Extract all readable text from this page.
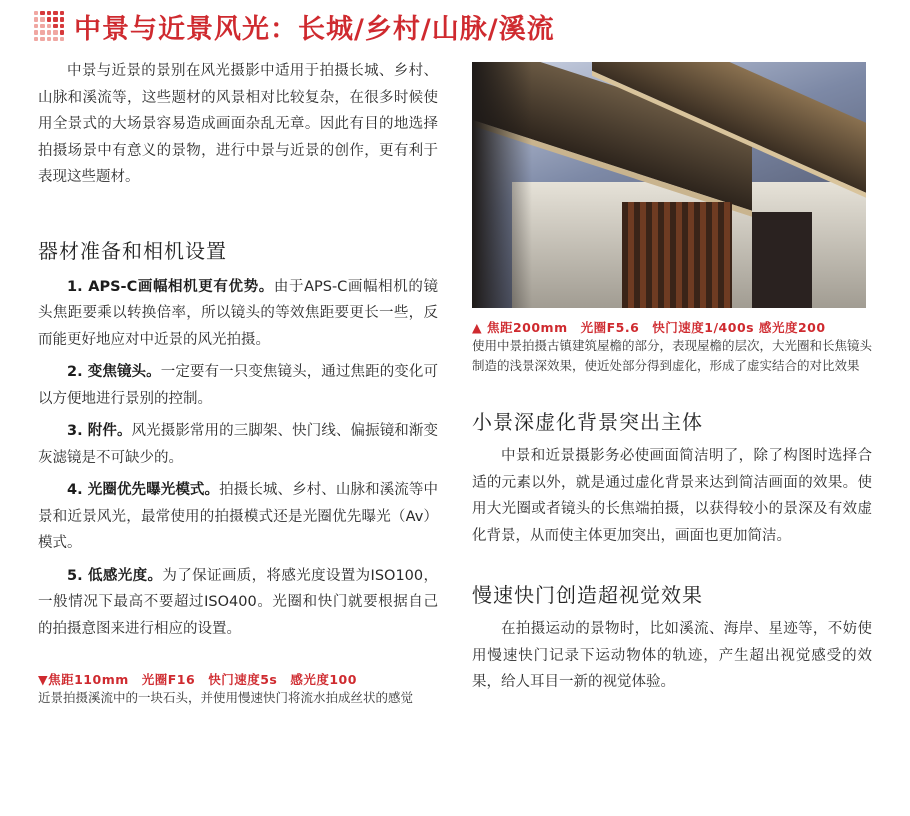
中景与近景风光：长城/乡村/山脉/溪流

中景与近景的景别在风光摄影中适用于拍摄长城、乡村、山脉和溪流等，这些题材的风景相对比较复杂，在很多时候使用全景式的大场景容易造成画面杂乱无章。因此有目的地选择拍摄场景中有意义的景物，进行中景与近景的创作，更有利于表现这些题材。

器材准备和相机设置

1. APS-C画幅相机更有优势。由于APS-C画幅相机的镜头焦距要乘以转换倍率，所以镜头的等效焦距要更长一些，反而能更好地应对中近景的风光拍摄。

2. 变焦镜头。一定要有一只变焦镜头，通过焦距的变化可以方便地进行景别的控制。

3. 附件。风光摄影常用的三脚架、快门线、偏振镜和渐变灰滤镜是不可缺少的。

4. 光圈优先曝光模式。拍摄长城、乡村、山脉和溪流等中景和近景风光，最常使用的拍摄模式还是光圈优先曝光（Av）模式。

5. 低感光度。为了保证画质，将感光度设置为ISO100，一般情况下最高不要超过ISO400。光圈和快门就要根据自己的拍摄意图来进行相应的设置。

▼焦距110mm　光圈F16　快门速度5s　感光度100
近景拍摄溪流中的一块石头，并使用慢速快门将流水拍成丝状的感觉
▲ 焦距200mm　光圈F5.6　快门速度1/400s 感光度200
使用中景拍摄古镇建筑屋檐的部分，表现屋檐的层次，大光圈和长焦镜头制造的浅景深效果，使近处部分得到虚化，形成了虚实结合的对比效果
小景深虚化背景突出主体

中景和近景摄影务必使画面简洁明了，除了构图时选择合适的元素以外，就是通过虚化背景来达到简洁画面的效果。使用大光圈或者镜头的长焦端拍摄，以获得较小的景深及有效虚化背景，从而使主体更加突出，画面也更加简洁。

慢速快门创造超视觉效果

在拍摄运动的景物时，比如溪流、海岸、星迹等，不妨使用慢速快门记录下运动物体的轨迹，产生超出视觉感受的效果，给人耳目一新的视觉体验。
